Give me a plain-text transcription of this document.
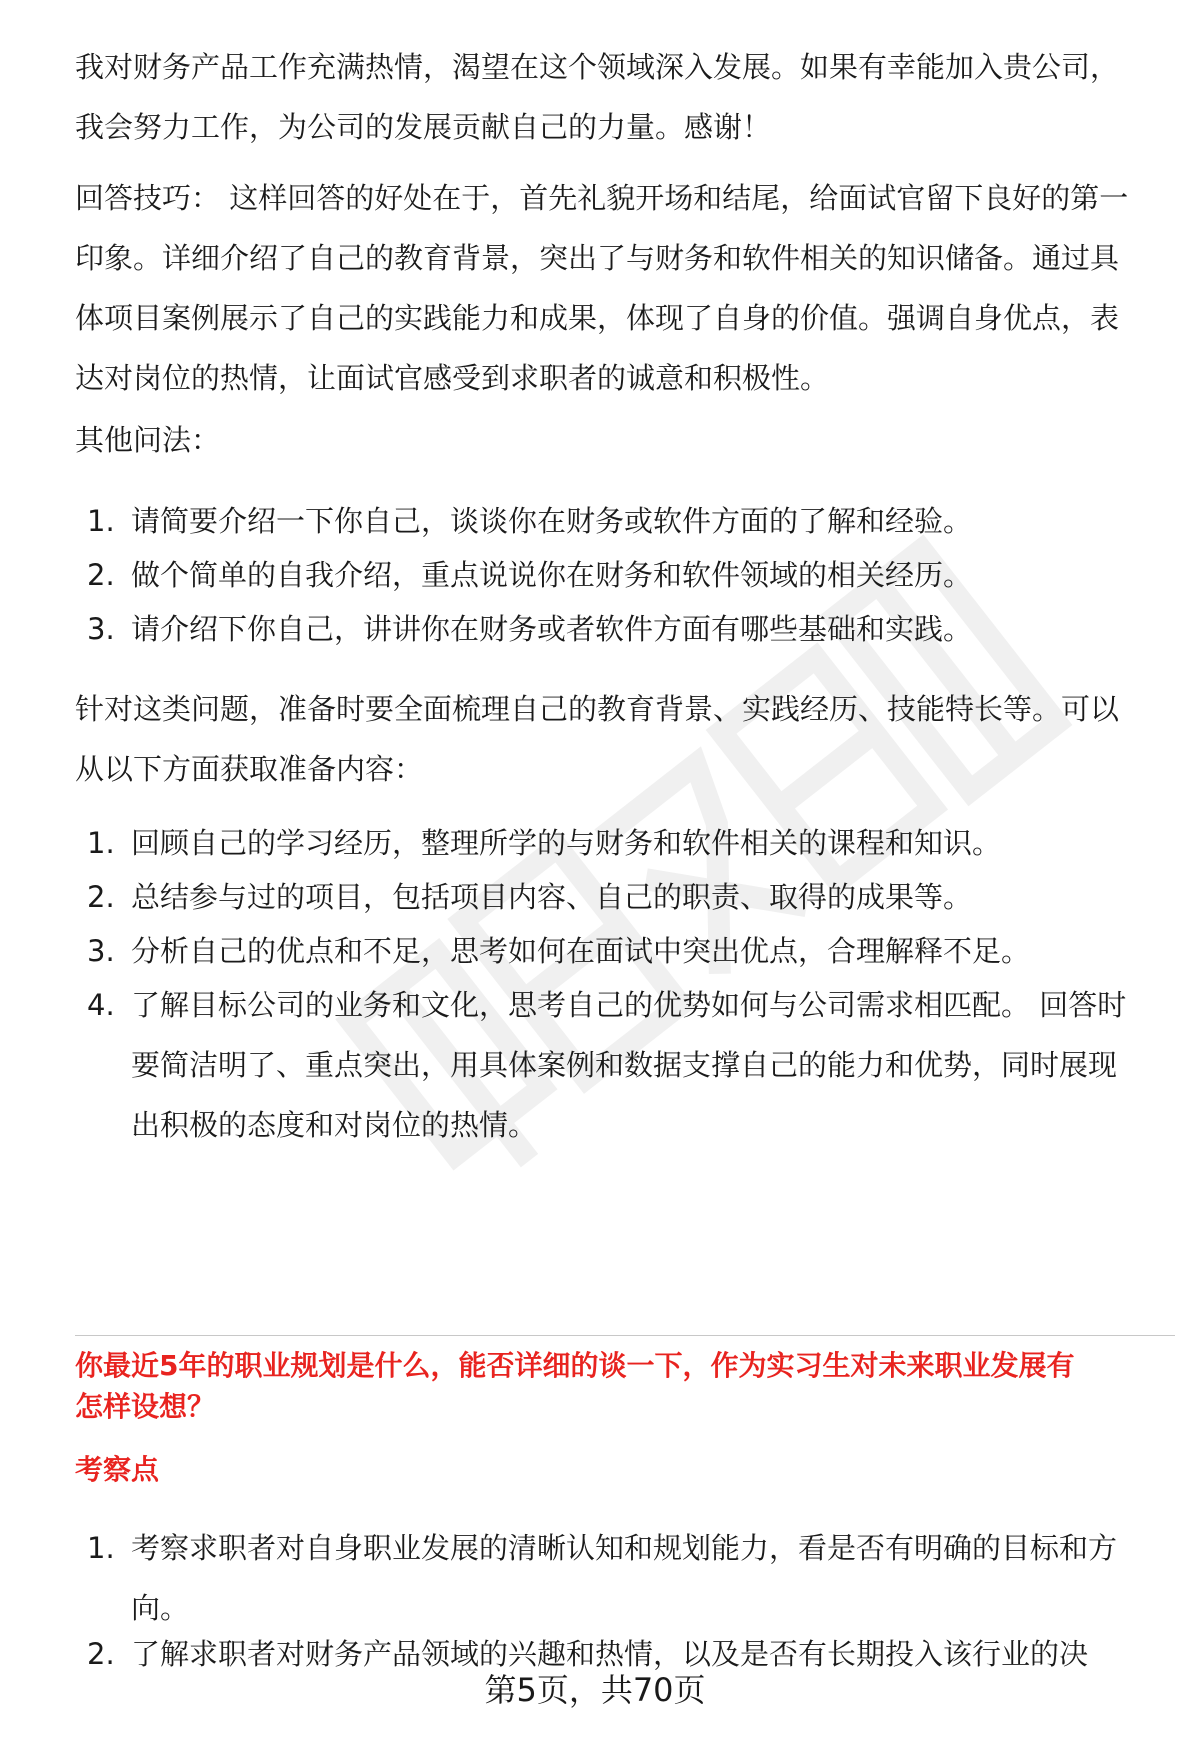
我对财务产品工作充满热情，渴望在这个领域深入发展。如果有幸能加入贵公司，
我会努力工作，为公司的发展贡献自己的力量。感谢！

回答技巧： 这样回答的好处在于，首先礼貌开场和结尾，给面试官留下良好的第一
印象。详细介绍了自己的教育背景，突出了与财务和软件相关的知识储备。通过具
体项目案例展示了自己的实践能力和成果，体现了自身的价值。强调自身优点，表
达对岗位的热情，让面试官感受到求职者的诚意和积极性。

其他问法：

1. 请简要介绍一下你自己，谈谈你在财务或软件方面的了解和经验。
2. 做个简单的自我介绍，重点说说你在财务和软件领域的相关经历。
3. 请介绍下你自己，讲讲你在财务或者软件方面有哪些基础和实践。

针对这类问题，准备时要全面梳理自己的教育背景、实践经历、技能特长等。可以
从以下方面获取准备内容：

1. 回顾自己的学习经历，整理所学的与财务和软件相关的课程和知识。
2. 总结参与过的项目，包括项目内容、自己的职责、取得的成果等。
3. 分析自己的优点和不足，思考如何在面试中突出优点，合理解释不足。
4. 了解目标公司的业务和文化，思考自己的优势如何与公司需求相匹配。 回答时
要简洁明了、重点突出，用具体案例和数据支撑自己的能力和优势，同时展现
出积极的态度和对岗位的热情。

你最近5年的职业规划是什么，能否详细的谈一下，作为实习生对未来职业发展有
怎样设想？

考察点

1. 考察求职者对自身职业发展的清晰认知和规划能力，看是否有明确的目标和方
向。
2. 了解求职者对财务产品领域的兴趣和热情，以及是否有长期投入该行业的决
第5页，共70页
